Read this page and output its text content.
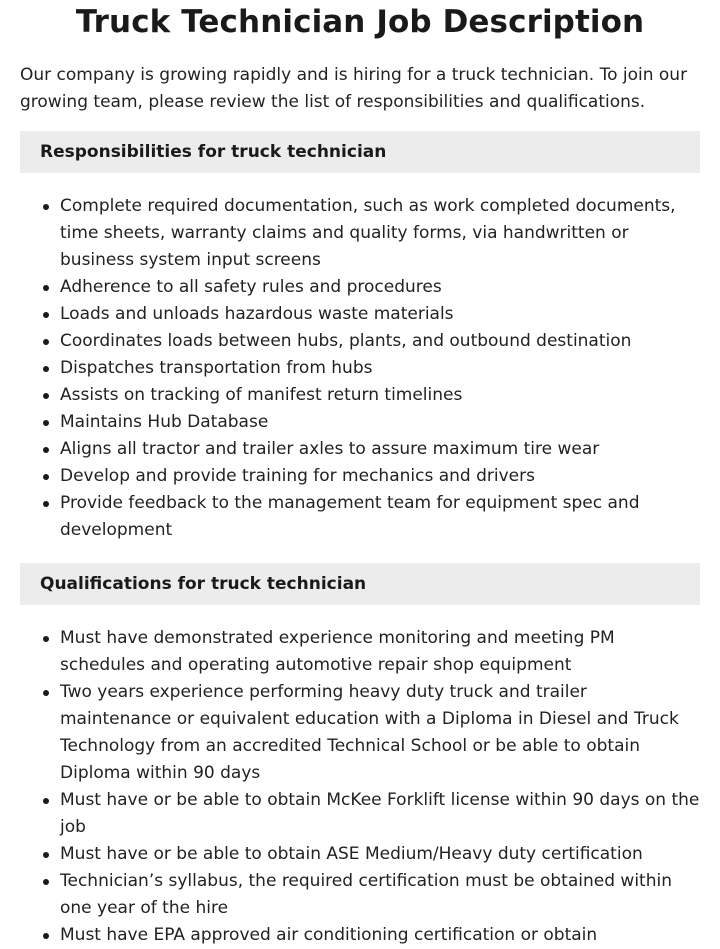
Truck Technician Job Description

Our company is growing rapidly and is hiring for a truck technician. To join our growing team, please review the list of responsibilities and qualifications.

Responsibilities for truck technician
Complete required documentation, such as work completed documents, time sheets, warranty claims and quality forms, via handwritten or business system input screens
Adherence to all safety rules and procedures
Loads and unloads hazardous waste materials
Coordinates loads between hubs, plants, and outbound destination
Dispatches transportation from hubs
Assists on tracking of manifest return timelines
Maintains Hub Database
Aligns all tractor and trailer axles to assure maximum tire wear
Develop and provide training for mechanics and drivers
Provide feedback to the management team for equipment spec and development
Qualifications for truck technician
Must have demonstrated experience monitoring and meeting PM schedules and operating automotive repair shop equipment
Two years experience performing heavy duty truck and trailer maintenance or equivalent education with a Diploma in Diesel and Truck Technology from an accredited Technical School or be able to obtain Diploma within 90 days
Must have or be able to obtain McKee Forklift license within 90 days on the job
Must have or be able to obtain ASE Medium/Heavy duty certification
Technician’s syllabus, the required certification must be obtained within one year of the hire
Must have EPA approved air conditioning certification or obtain
